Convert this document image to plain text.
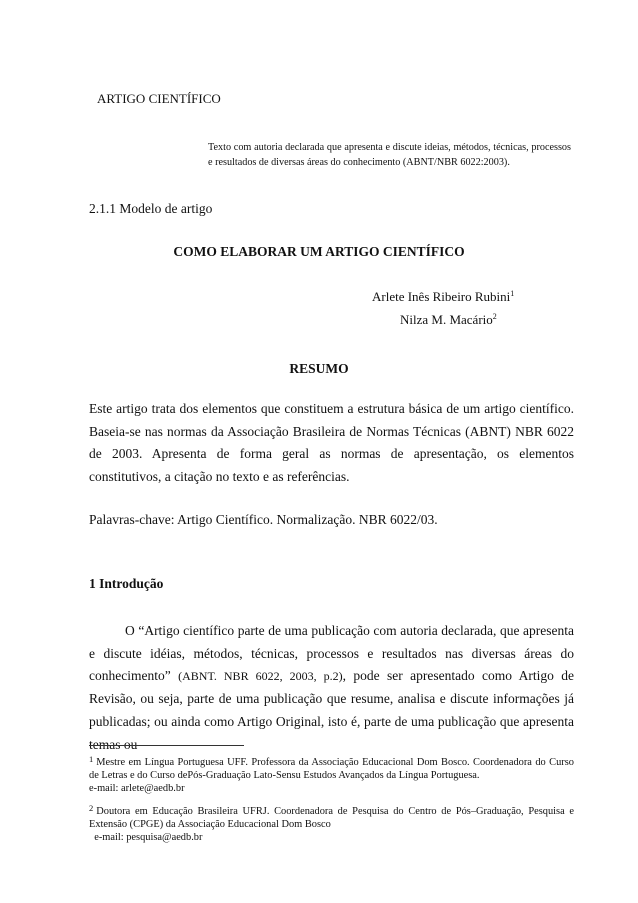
ARTIGO CIENTÍFICO
Texto com autoria declarada que apresenta e discute ideias, métodos, técnicas, processos e resultados de diversas áreas do conhecimento (ABNT/NBR 6022:2003).
2.1.1 Modelo de artigo
COMO ELABORAR UM ARTIGO CIENTÍFICO
Arlete Inês Ribeiro Rubini$^1$
Nilza M. Macário$^2$
RESUMO
Este artigo trata dos elementos que constituem a estrutura básica de um artigo científico. Baseia-se nas normas da Associação Brasileira de Normas Técnicas (ABNT) NBR 6022 de 2003. Apresenta de forma geral as normas de apresentação, os elementos constitutivos, a citação no texto e as referências.
Palavras-chave: Artigo Científico. Normalização. NBR 6022/03.
1 Introdução
O “Artigo científico parte de uma publicação com autoria declarada, que apresenta e discute idéias, métodos, técnicas, processos e resultados nas diversas áreas do conhecimento” (ABNT. NBR 6022, 2003, p.2), pode ser apresentado como Artigo de Revisão, ou seja, parte de uma publicação que resume, analisa e discute informações já publicadas; ou ainda como Artigo Original, isto é, parte de uma publicação que apresenta temas ou
$^1$ Mestre em Língua Portuguesa UFF. Professora da Associação Educacional Dom Bosco. Coordenadora do Curso de Letras e do Curso dePós-Graduação Lato-Sensu Estudos Avançados da Língua Portuguesa.
e-mail: arlete@aedb.br
$^2$ Doutora em Educação Brasileira UFRJ. Coordenadora de Pesquisa do Centro de Pós–Graduação, Pesquisa e Extensão (CPGE) da Associação Educacional Dom Bosco
e-mail: pesquisa@aedb.br
